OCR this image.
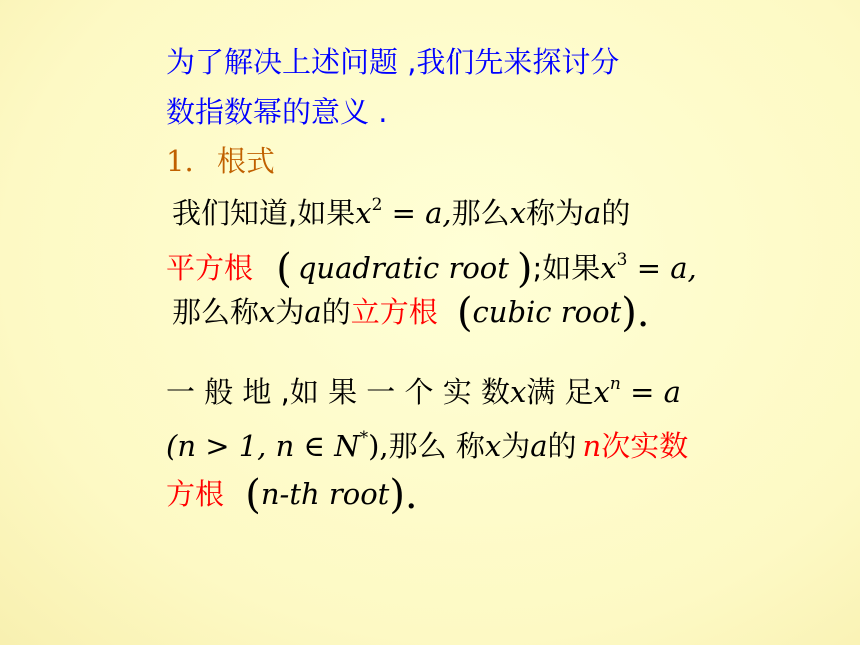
为了解决上述问题 ,我们先来探讨分
数指数幂的意义 .
1. 根式
我们知道,如果$x^2 = a$,那么x称为a的
平方根 ( quadratic root );如果$x^3 = a$,
那么称x为a的立方根 (cubic root).
一 般 地 ,如 果 一 个 实 数x满 足$x^n = a$
(n > 1, n ∈ N*),那么 称x为a的 n次实数
方根 (n-th root).
